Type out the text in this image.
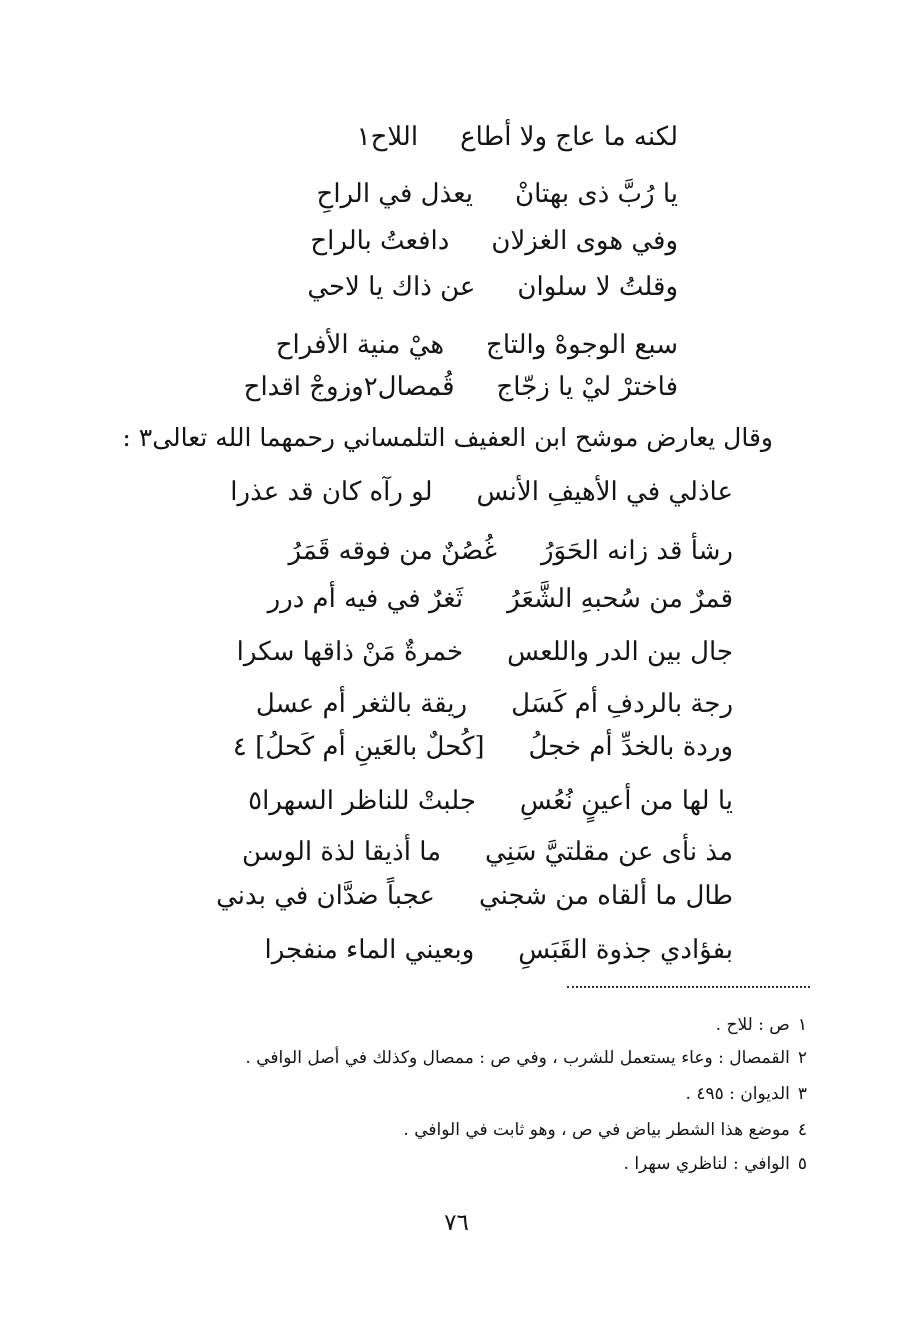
لكنه ما عاج ولا أطاعاللاح١
يا رُبَّ ذى بهتانْيعذل في الراحِ
وفي هوى الغزلاندافعتُ بالراح
وقلتُ لا سلوانعن ذاك يا لاحي
سبع الوجوهْ والتاجهيْ منية الأفراح
فاخترْ ليْ يا زجّاجقُمصال٢وزوجْ اقداح
وقال يعارض موشح ابن العفيف التلمساني رحمهما الله تعالى٣ :
عاذلي في الأهيفِ الأنسلو رآه كان قد عذرا
رشأ قد زانه الحَوَرُغُصُنٌ من فوقه قَمَرُ
قمرٌ من سُحبهِ الشَّعَرُثَغرٌ في فيه أم درر
جال بين الدر واللعسخمرةٌ مَنْ ذاقها سكرا
رجة بالردفِ أم كَسَلريقة بالثغر أم عسل
وردة بالخدِّ أم خجلُ[كُحلٌ بالعَينِ أم كَحلُ] ٤
يا لها من أعينٍ نُعُسِجلبتْ للناظر السهرا٥
مذ نأى عن مقلتيَّ سَنِيما أذيقا لذة الوسن
طال ما ألقاه من شجنيعجباً ضدَّان في بدني
بفؤادي جذوة القَبَسِوبعيني الماء منفجرا
١ص : للاح .
٢القمصال : وعاء يستعمل للشرب ، وفي ص : ممصال وكذلك في أصل الوافي .
٣الديوان : ٤٩٥ .
٤موضع هذا الشطر بياض في ص ، وهو ثابت في الوافي .
٥الوافي : لناظري سهرا .
٧٦
